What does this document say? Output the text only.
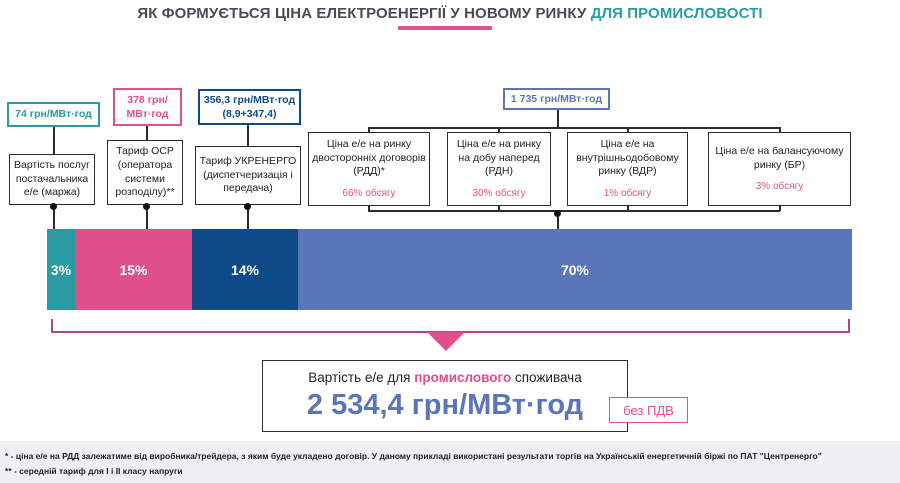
ЯК ФОРМУЄТЬСЯ ЦІНА ЕЛЕКТРОЕНЕРГІЇ У НОВОМУ РИНКУ ДЛЯ ПРОМИСЛОВОСТІ
74 грн/МВт·год
378 грн/
МВт·год
356,3 грн/МВт·год
(8,9+347,4)
1 735 грн/МВт·год
Вартість послуг постачальника е/е (маржа)
Тариф ОСР (оператора системи розподілу)**
Тариф УКРЕНЕРГО (диспетчеризація і передача)
Ціна е/е на ринку двосторонніх договорів (РДД)*
66% обсягу
Ціна е/е на ринку на добу наперед (РДН)
30% обсягу
Ціна е/е на внутрішньодобовому ринку (ВДР)
1% обсягу
Ціна е/е на балансуючому ринку (БР)
3% обсягу
3%	15%	14%	70%
Вартість е/е для промислового споживача
2 534,4 грн/МВт·год	без ПДВ
* - ціна е/е на РДД залежатиме від виробника/трейдера, з яким буде укладено договір. У даному прикладі використані результати торгів на Українській енергетичній біржі по ПАТ "Центренерго"
** - середній тариф для І і ІІ класу напруги
